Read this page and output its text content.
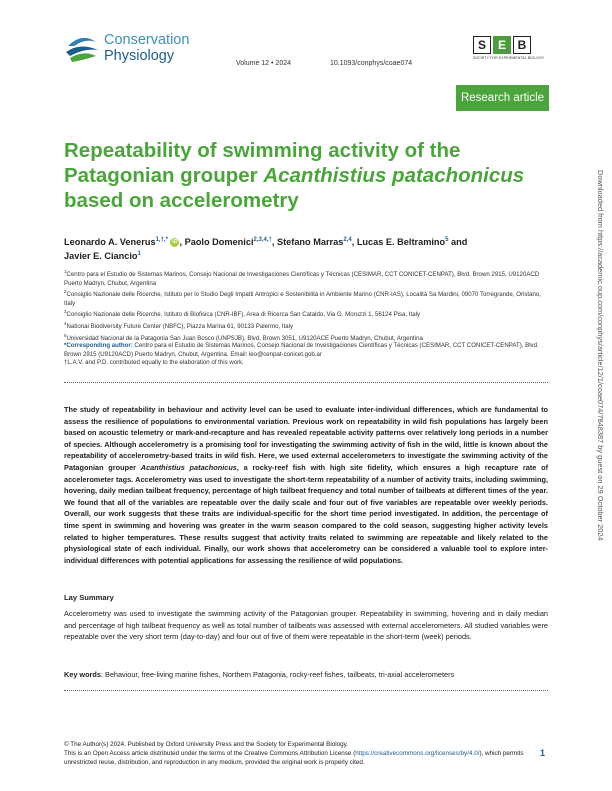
Conservation
Physiology	Volume 12 • 2024	10.1093/conphys/coae074
S E B
SOCIETY FOR EXPERIMENTAL BIOLOGY
Research article
Repeatability of swimming activity of the Patagonian grouper Acanthistius patachonicus based on accelerometry
Leonardo A. Venerus$^{1,\dagger,*}$ iD , Paolo Domenici$^{2,3,4,\dagger}$, Stefano Marras$^{2,4}$, Lucas E. Beltramino$^5$ and
Javier E. Ciancio$^1$
$^1$Centro para el Estudio de Sistemas Marinos, Consejo Nacional de Investigaciones Científicas y Técnicas (CESIMAR, CCT CONICET-CENPAT), Blvd. Brown 2915, U9120ACD Puerto Madryn, Chubut, Argentina
$^2$Consiglio Nazionale delle Ricerche, Istituto per lo Studio Degli Impatti Antropici e Sostenibilità in Ambiente Marino (CNR-IAS), Località Sa Mardini, 09070 Torregrande, Oristano, Italy
$^3$Consiglio Nazionale delle Ricerche, Istituto di Biofisica (CNR-IBF), Area di Ricerca San Cataldo, Via G. Moruzzi 1, 56124 Pisa, Italy
$^4$National Biodiversity Future Center (NBFC), Piazza Marina 61, 90133 Palermo, Italy
$^5$Universidad Nacional de la Patagonia San Juan Bosco (UNPSJB), Blvd. Brown 3051, U9120ACE Puerto Madryn, Chubut, Argentina
*Corresponding author: Centro para el Estudio de Sistemas Marinos, Consejo Nacional de Investigaciones Científicas y Técnicas (CESIMAR, CCT CONICET-CENPAT), Blvd. Brown 2915 (U9120ACD) Puerto Madryn, Chubut, Argentina. Email: leo@cenpat-conicet.gob.ar
†L.A.V. and P.D. contributed equally to the elaboration of this work.
The study of repeatability in behaviour and activity level can be used to evaluate inter-individual differences, which are fundamental to assess the resilience of populations to environmental variation. Previous work on repeatability in wild fish populations has largely been based on acoustic telemetry or mark-and-recapture and has revealed repeatable activity patterns over relatively long periods in a number of species. Although accelerometry is a promising tool for investigating the swimming activity of fish in the wild, little is known about the repeatability of accelerometry-based traits in wild fish. Here, we used external accelerometers to investigate the swimming activity of the Patagonian grouper Acanthistius patachonicus, a rocky-reef fish with high site fidelity, which ensures a high recapture rate of accelerometer tags. Accelerometry was used to investigate the short-term repeatability of a number of activity traits, including swimming, hovering, daily median tailbeat frequency, percentage of high tailbeat frequency and total number of tailbeats at different times of the year. We found that all of the variables are repeatable over the daily scale and four out of five variables are repeatable over weekly periods. Overall, our work suggests that these traits are individual-specific for the short time period investigated. In addition, the percentage of time spent in swimming and hovering was greater in the warm season compared to the cold season, suggesting higher activity levels related to higher temperatures. These results suggest that activity traits related to swimming are repeatable and likely related to the physiological state of each individual. Finally, our work shows that accelerometry can be considered a valuable tool to explore inter-individual differences with potential applications for assessing the resilience of wild populations.
Lay Summary
Accelerometry was used to investigate the swimming activity of the Patagonian grouper. Repeatability in swimming, hovering and in daily median and percentage of high tailbeat frequency as well as total number of tailbeats was assessed with external accelerometers. All studied variables were repeatable over the very short term (day-to-day) and four out of five of them were repeatable in the short-term (week) periods.
Key words: Behaviour, free-living marine fishes, Northern Patagonia, rocky-reef fishes, tailbeats, tri-axial accelerometers
© The Author(s) 2024. Published by Oxford University Press and the Society for Experimental Biology.
This is an Open Access article distributed under the terms of the Creative Commons Attribution License (https://creativecommons.org/licenses/by/4.0/), which permits unrestricted reuse, distribution, and reproduction in any medium, provided the original work is properly cited.
1
Downloaded from https://academic.oup.com/conphys/article/12/1/coae074/7848387 by guest on 29 October 2024
